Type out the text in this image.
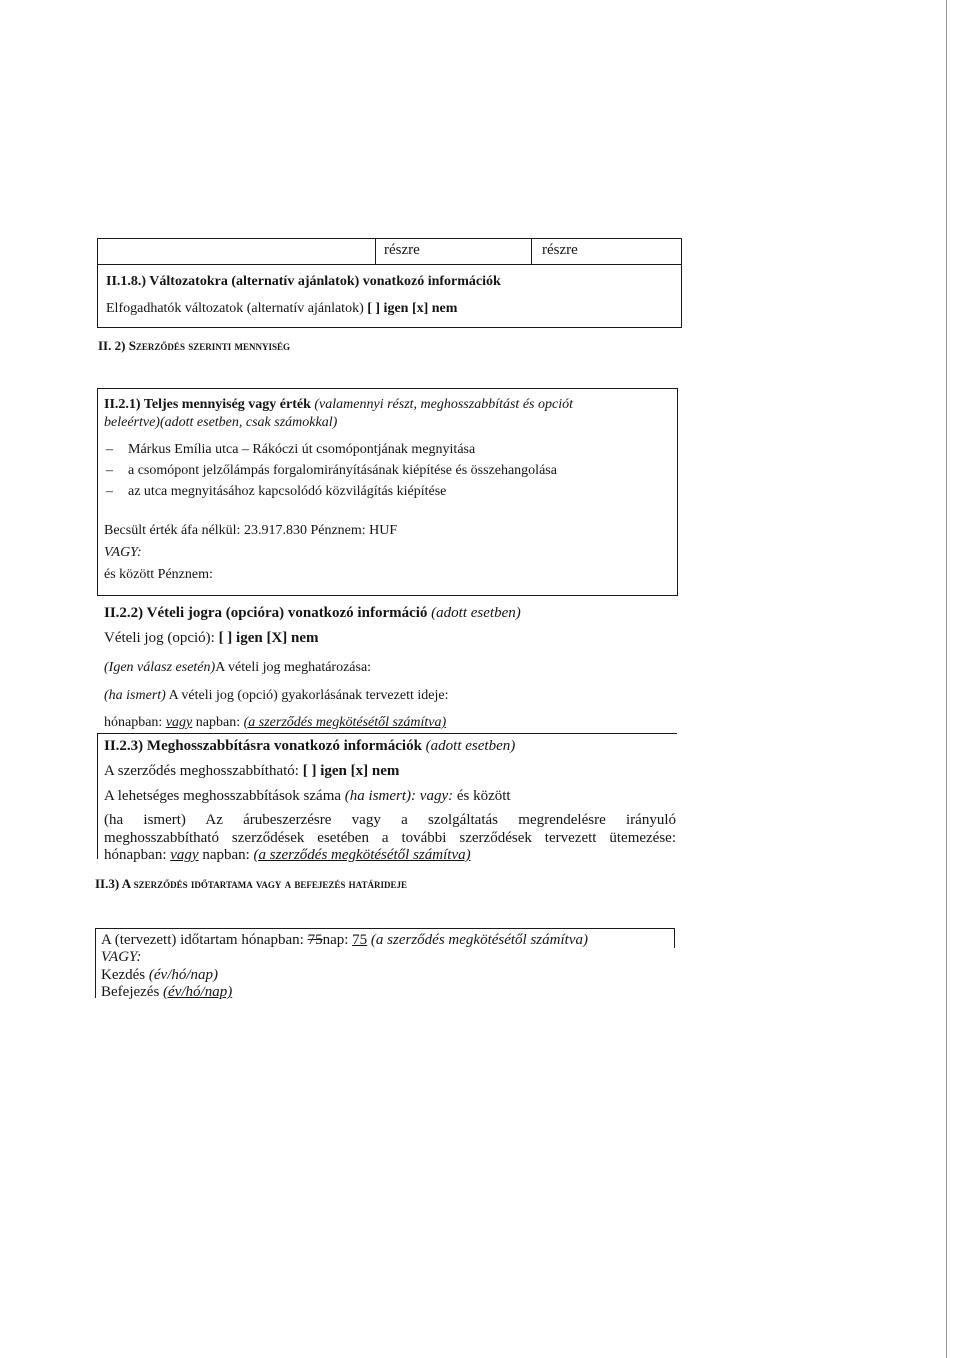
részre	részre
II.1.8.) Változatokra (alternatív ajánlatok) vonatkozó információk
Elfogadhatók változatok (alternatív ajánlatok) [ ] igen [x] nem
II. 2) Szerződés szerinti mennyiség
II.2.1) Teljes mennyiség vagy érték (valamennyi részt, meghosszabbítást és opciót
beleértve)(adott esetben, csak számokkal)
– Márkus Emília utca – Rákóczi út csomópontjának megnyitása
– a csomópont jelzőlámpás forgalomirányításának kiépítése és összehangolása
– az utca megnyitásához kapcsolódó közvilágítás kiépítése
Becsült érték áfa nélkül: 23.917.830 Pénznem: HUF
VAGY:
és között Pénznem:
II.2.2) Vételi jogra (opcióra) vonatkozó információ (adott esetben)
Vételi jog (opció): [ ] igen [X] nem
(Igen válasz esetén)A vételi jog meghatározása:
(ha ismert) A vételi jog (opció) gyakorlásának tervezett ideje:
hónapban: vagy napban: (a szerződés megkötésétől számítva)
II.2.3) Meghosszabbításra vonatkozó információk (adott esetben)
A szerződés meghosszabbítható: [ ] igen [x] nem
A lehetséges meghosszabbítások száma (ha ismert): vagy: és között
(ha ismert) Az árubeszerzésre vagy a szolgáltatás megrendelésre irányuló
meghosszabbítható szerződések esetében a további szerződések tervezett ütemezése:
hónapban: vagy napban: (a szerződés megkötésétől számítva)
II.3) A szerződés időtartama vagy a befejezés határideje
A (tervezett) időtartam hónapban: 75nap: 75 (a szerződés megkötésétől számítva)
VAGY:
Kezdés (év/hó/nap)
Befejezés (év/hó/nap)
